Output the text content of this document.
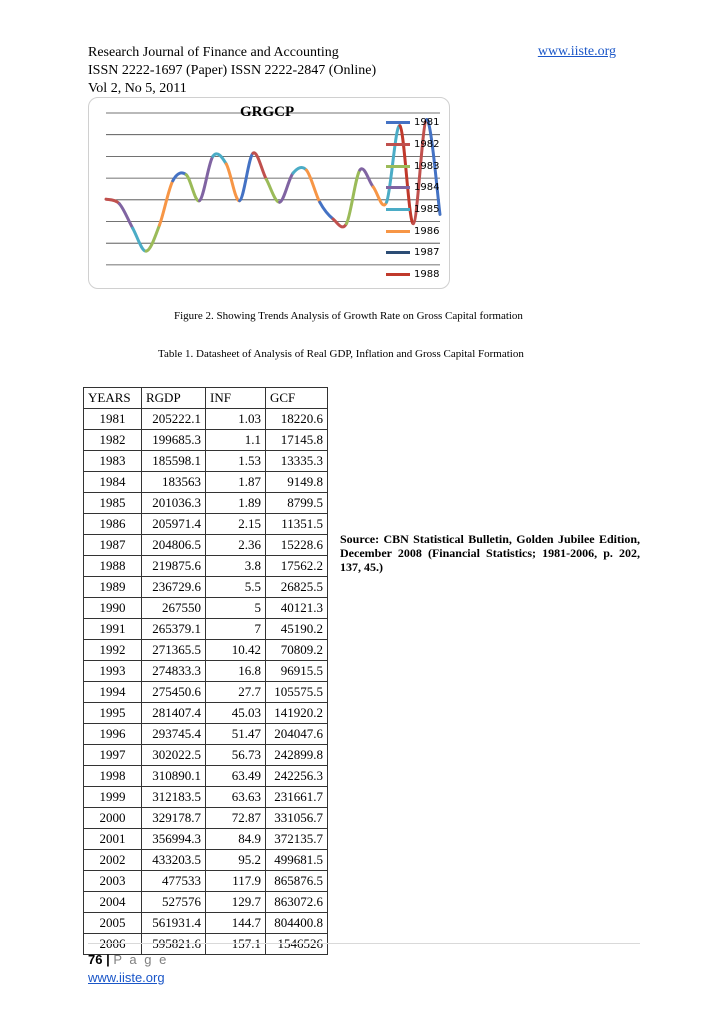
Research Journal of Finance and Accounting	www.iiste.org
ISSN 2222-1697 (Paper) ISSN 2222-2847 (Online)
Vol 2, No 5, 2011
GRGCP
1981
1982
1983
1984
1985
1986
1987
1988
Figure 2. Showing Trends Analysis of Growth Rate on Gross Capital formation
Table 1. Datasheet of Analysis of Real GDP, Inflation and Gross Capital Formation
YEARS	RGDP	INF	GCF
1981	205222.1	1.03	18220.6
1982	199685.3	1.1	17145.8
1983	185598.1	1.53	13335.3
1984	183563	1.87	9149.8
1985	201036.3	1.89	8799.5
1986	205971.4	2.15	11351.5
1987	204806.5	2.36	15228.6
1988	219875.6	3.8	17562.2
1989	236729.6	5.5	26825.5
1990	267550	5	40121.3
1991	265379.1	7	45190.2
1992	271365.5	10.42	70809.2
1993	274833.3	16.8	96915.5
1994	275450.6	27.7	105575.5
1995	281407.4	45.03	141920.2
1996	293745.4	51.47	204047.6
1997	302022.5	56.73	242899.8
1998	310890.1	63.49	242256.3
1999	312183.5	63.63	231661.7
2000	329178.7	72.87	331056.7
2001	356994.3	84.9	372135.7
2002	433203.5	95.2	499681.5
2003	477533	117.9	865876.5
2004	527576	129.7	863072.6
2005	561931.4	144.7	804400.8
2006	595821.6	157.1	1546526
Source: CBN Statistical Bulletin, Golden Jubilee Edition, December 2008 (Financial Statistics; 1981-2006, p. 202, 137, 45.)
76 | P a g e
www.iiste.org
